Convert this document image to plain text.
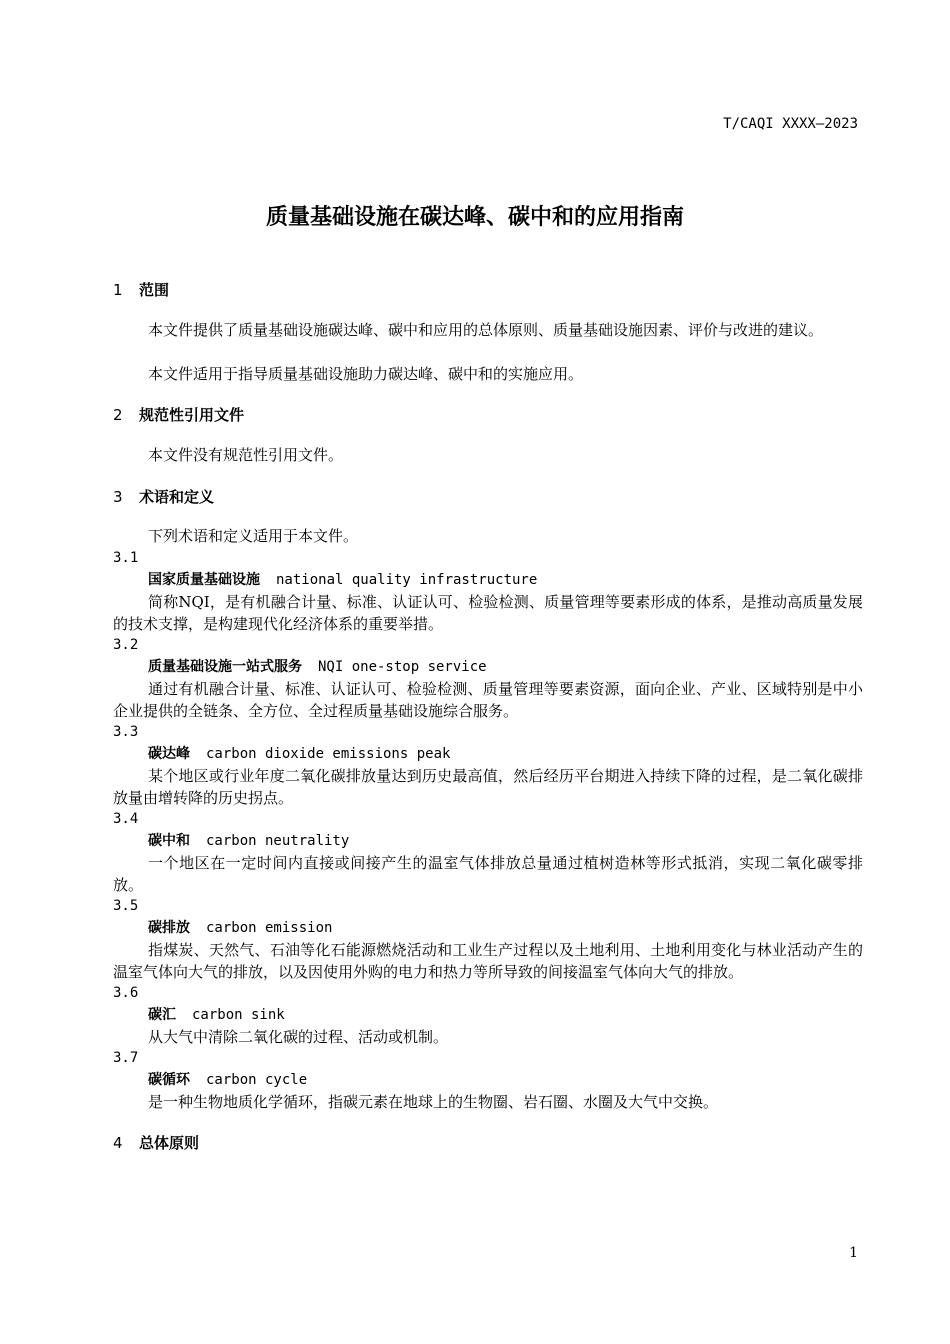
T/CAQI XXXX—2023
质量基础设施在碳达峰、碳中和的应用指南
1 范围
本文件提供了质量基础设施碳达峰、碳中和应用的总体原则、质量基础设施因素、评价与改进的建议。
本文件适用于指导质量基础设施助力碳达峰、碳中和的实施应用。
2 规范性引用文件
本文件没有规范性引用文件。
3 术语和定义
下列术语和定义适用于本文件。
3.1
国家质量基础设施 national quality infrastructure
简称NQI，是有机融合计量、标准、认证认可、检验检测、质量管理等要素形成的体系，是推动高质量发展的技术支撑，是构建现代化经济体系的重要举措。
3.2
质量基础设施一站式服务 NQI one-stop service
通过有机融合计量、标准、认证认可、检验检测、质量管理等要素资源，面向企业、产业、区域特别是中小企业提供的全链条、全方位、全过程质量基础设施综合服务。
3.3
碳达峰 carbon dioxide emissions peak
某个地区或行业年度二氧化碳排放量达到历史最高值，然后经历平台期进入持续下降的过程，是二氧化碳排放量由增转降的历史拐点。
3.4
碳中和 carbon neutrality
一个地区在一定时间内直接或间接产生的温室气体排放总量通过植树造林等形式抵消，实现二氧化碳零排放。
3.5
碳排放 carbon emission
指煤炭、天然气、石油等化石能源燃烧活动和工业生产过程以及土地利用、土地利用变化与林业活动产生的温室气体向大气的排放，以及因使用外购的电力和热力等所导致的间接温室气体向大气的排放。
3.6
碳汇 carbon sink
从大气中清除二氧化碳的过程、活动或机制。
3.7
碳循环 carbon cycle
是一种生物地质化学循环，指碳元素在地球上的生物圈、岩石圈、水圈及大气中交换。
4 总体原则
1
